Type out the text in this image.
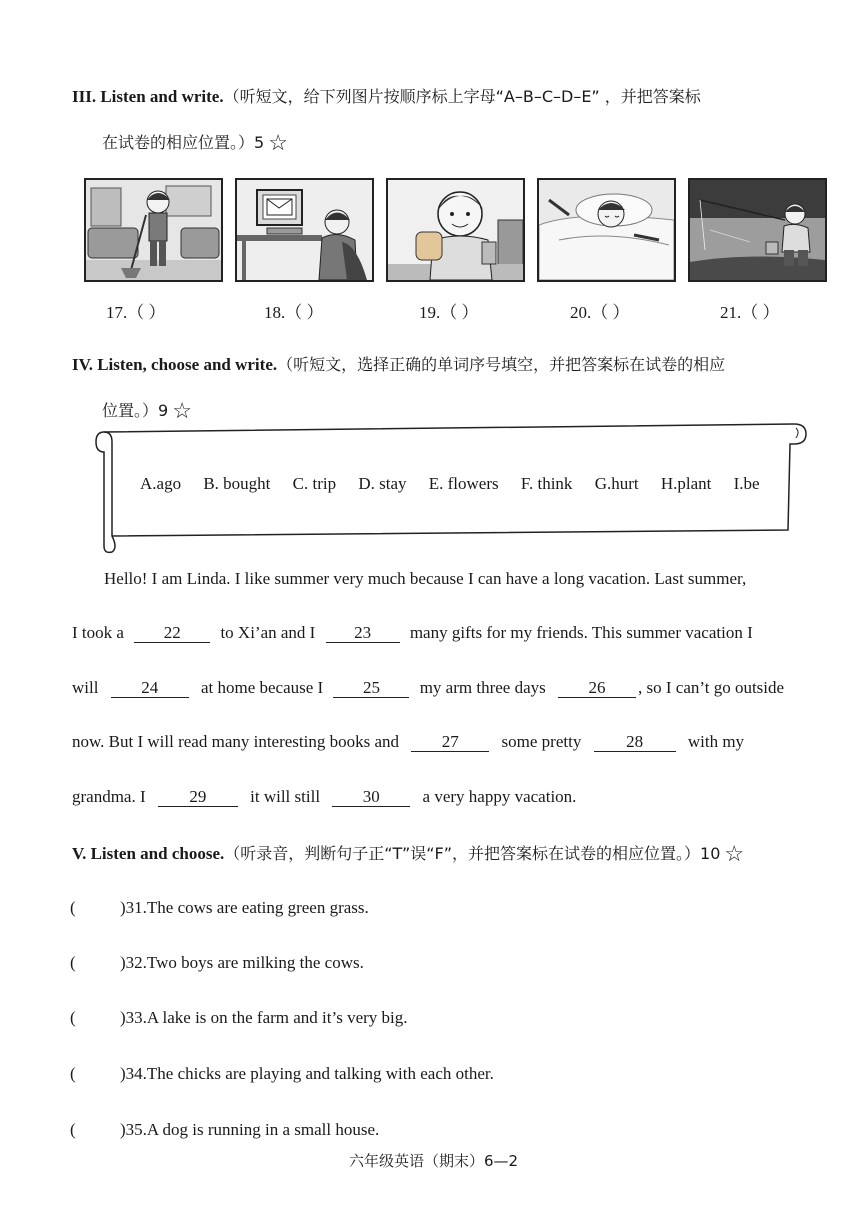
III. Listen and write.（听短文，给下列图片按顺序标上字母“A–B–C–D–E” ，并把答案标
在试卷的相应位置。）5 ☆
17.（ ）	18.（ ）	19.（ ）	20.（ ）	21.（ ）
IV. Listen, choose and write.（听短文，选择正确的单词序号填空，并把答案标在试卷的相应
位置。）9 ☆
A.ago B. bought C. trip D. stay E. flowers F. think G.hurt H.plant I.be
Hello! I am Linda. I like summer very much because I can have a long vacation. Last summer,
I took a 22 to Xi’an and I 23 many gifts for my friends. This summer vacation I
will	24	at home because I 25 my arm three days	26 , so I can’t go outside
now. But I will read many interesting books and	27	some pretty	28	with my
grandma. I	29	it will still	30	a very happy vacation.
V. Listen and choose.（听录音，判断句子正“T”误“F”，并把答案标在试卷的相应位置。）10 ☆
(	)31.The cows are eating green grass.
(	)32.Two boys are milking the cows.
(	)33.A lake is on the farm and it’s very big.
(	)34.The chicks are playing and talking with each other.
(	)35.A dog is running in a small house.
六年级英语（期末）6—2
